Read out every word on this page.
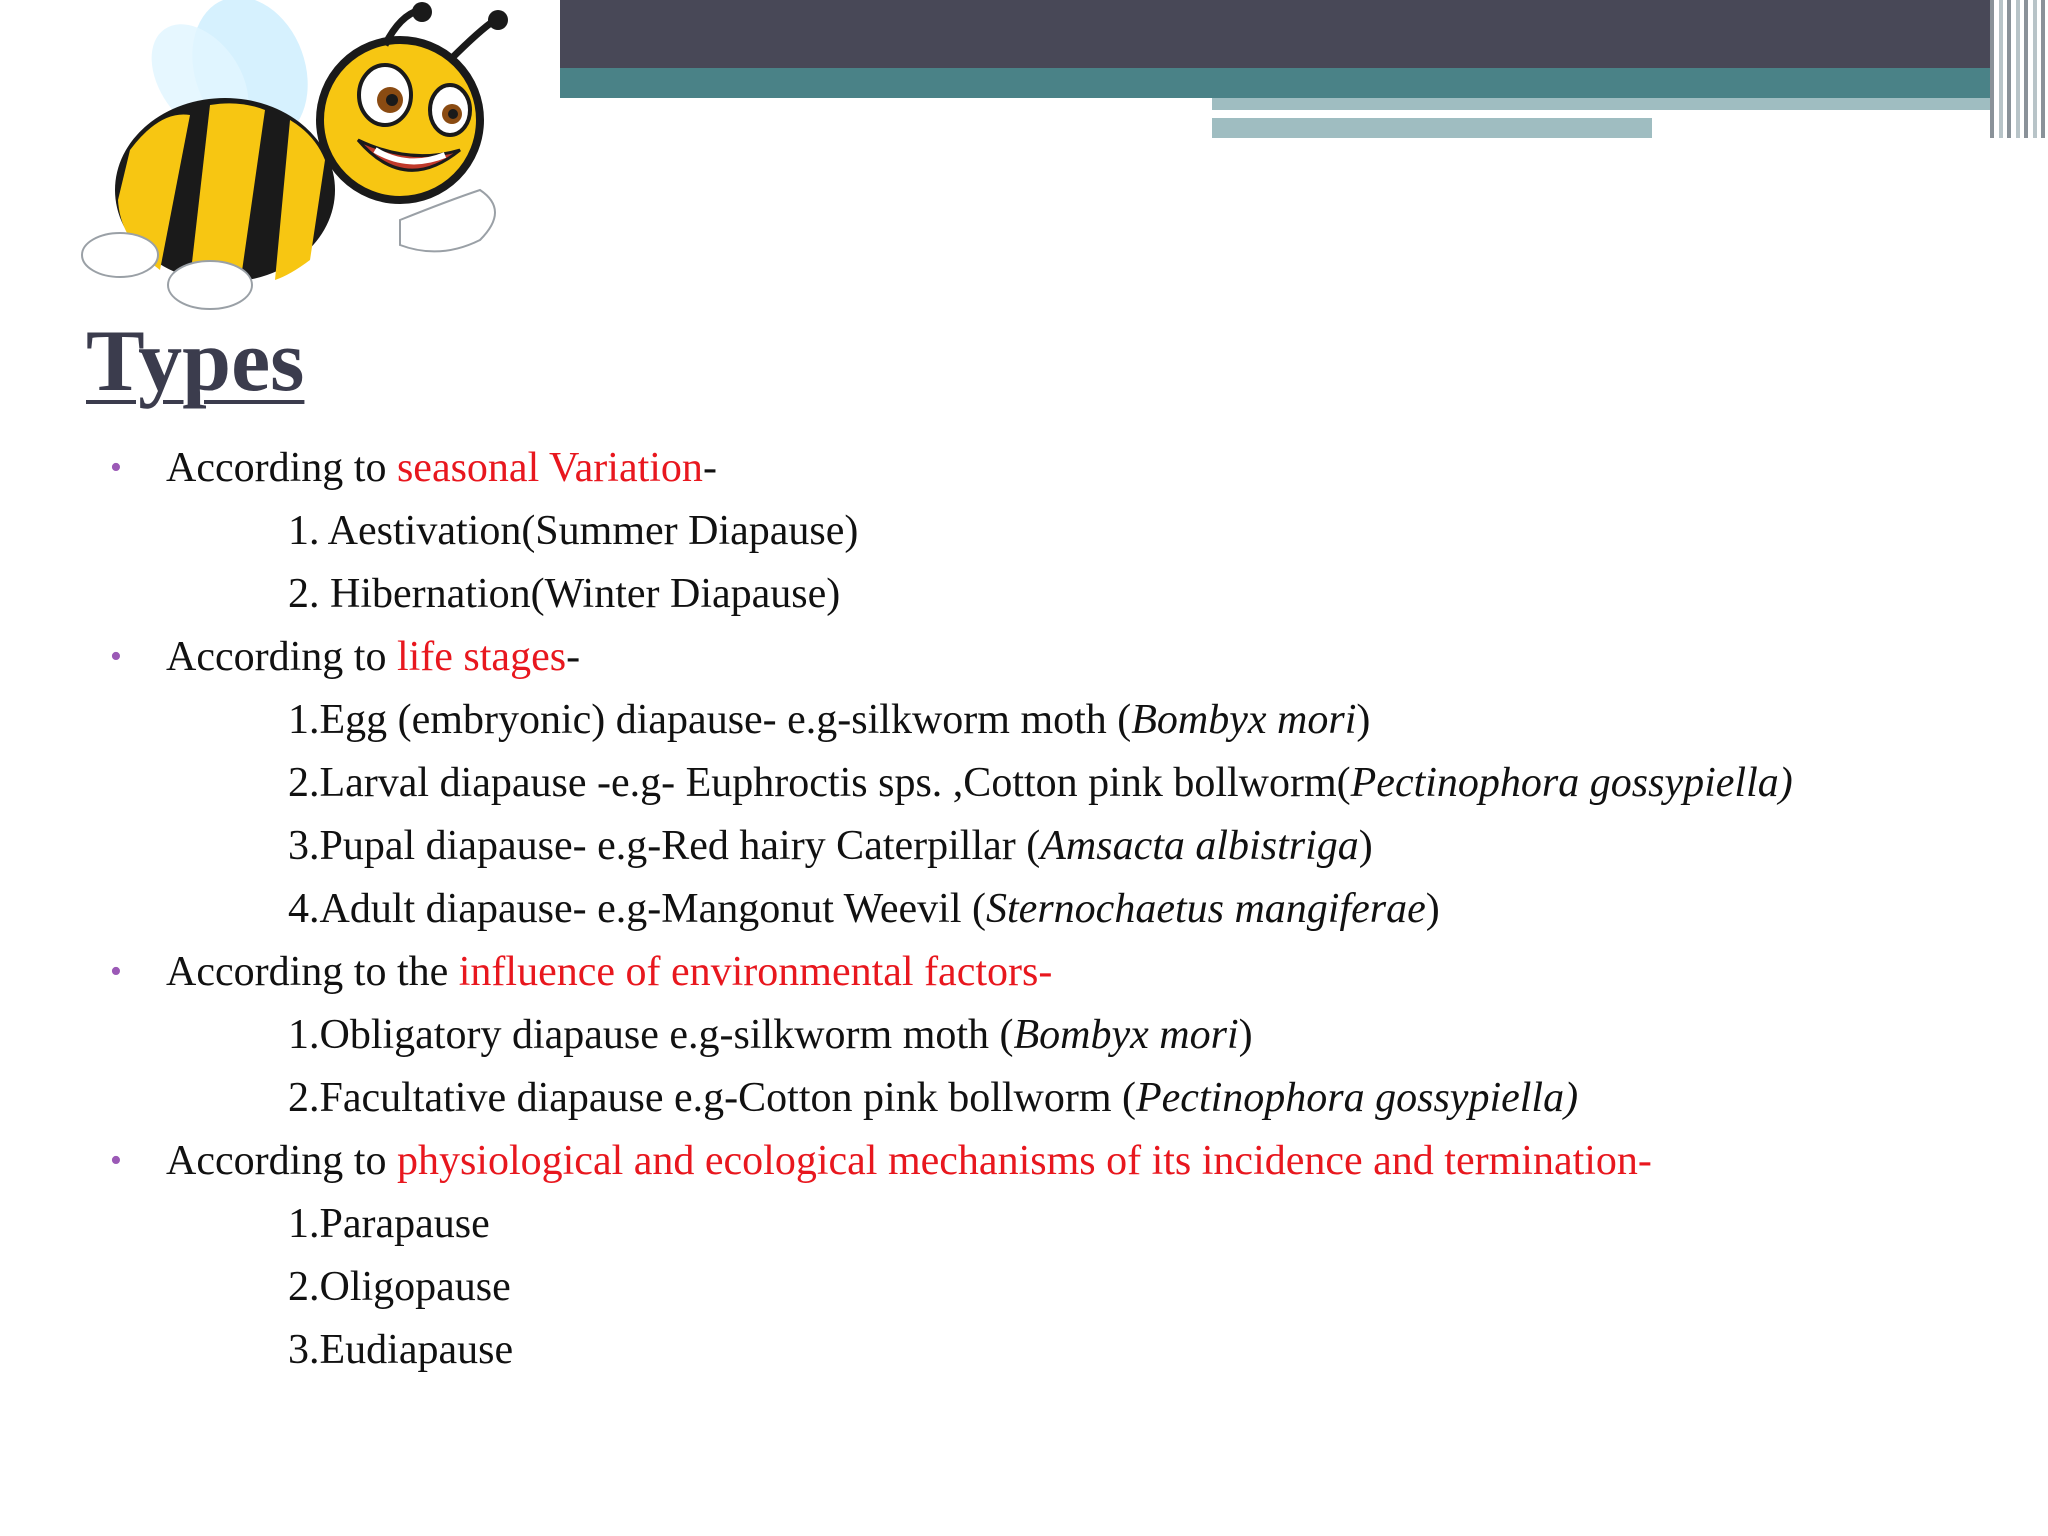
Types
• According to seasonal Variation-
1. Aestivation(Summer Diapause)
2. Hibernation(Winter Diapause)
• According to life stages-
1.Egg (embryonic) diapause- e.g-silkworm moth (Bombyx mori)
2.Larval diapause -e.g- Euphroctis sps. ,Cotton pink bollworm(Pectinophora gossypiella)
3.Pupal diapause- e.g-Red hairy Caterpillar (Amsacta albistriga)
4.Adult diapause- e.g-Mangonut Weevil (Sternochaetus mangiferae)
• According to the influence of environmental factors-
1.Obligatory diapause e.g-silkworm moth (Bombyx mori)
2.Facultative diapause e.g-Cotton pink bollworm (Pectinophora gossypiella)
• According to physiological and ecological mechanisms of its incidence and termination-
1.Parapause
2.Oligopause
3.Eudiapause
